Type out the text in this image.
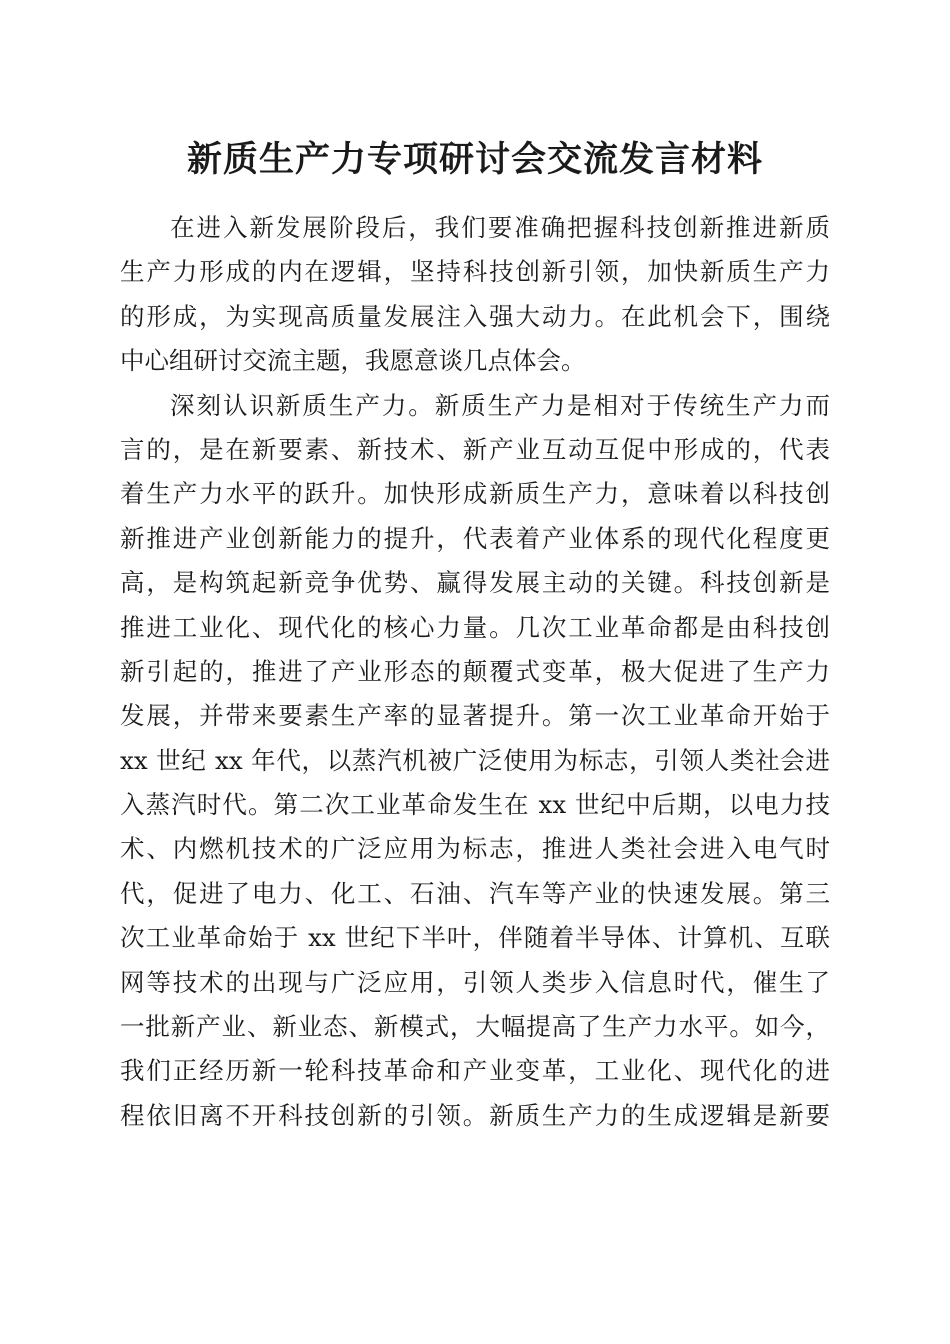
新质生产力专项研讨会交流发言材料
在进入新发展阶段后，我们要准确把握科技创新推进新质
生产力形成的内在逻辑，坚持科技创新引领，加快新质生产力
的形成，为实现高质量发展注入强大动力。在此机会下，围绕
中心组研讨交流主题，我愿意谈几点体会。
深刻认识新质生产力。新质生产力是相对于传统生产力而
言的，是在新要素、新技术、新产业互动互促中形成的，代表
着生产力水平的跃升。加快形成新质生产力，意味着以科技创
新推进产业创新能力的提升，代表着产业体系的现代化程度更
高，是构筑起新竞争优势、赢得发展主动的关键。科技创新是
推进工业化、现代化的核心力量。几次工业革命都是由科技创
新引起的，推进了产业形态的颠覆式变革，极大促进了生产力
发展，并带来要素生产率的显著提升。第一次工业革命开始于
xx 世纪 xx 年代，以蒸汽机被广泛使用为标志，引领人类社会进
入蒸汽时代。第二次工业革命发生在 xx 世纪中后期，以电力技
术、内燃机技术的广泛应用为标志，推进人类社会进入电气时
代，促进了电力、化工、石油、汽车等产业的快速发展。第三
次工业革命始于 xx 世纪下半叶，伴随着半导体、计算机、互联
网等技术的出现与广泛应用，引领人类步入信息时代，催生了
一批新产业、新业态、新模式，大幅提高了生产力水平。如今，
我们正经历新一轮科技革命和产业变革，工业化、现代化的进
程依旧离不开科技创新的引领。新质生产力的生成逻辑是新要
